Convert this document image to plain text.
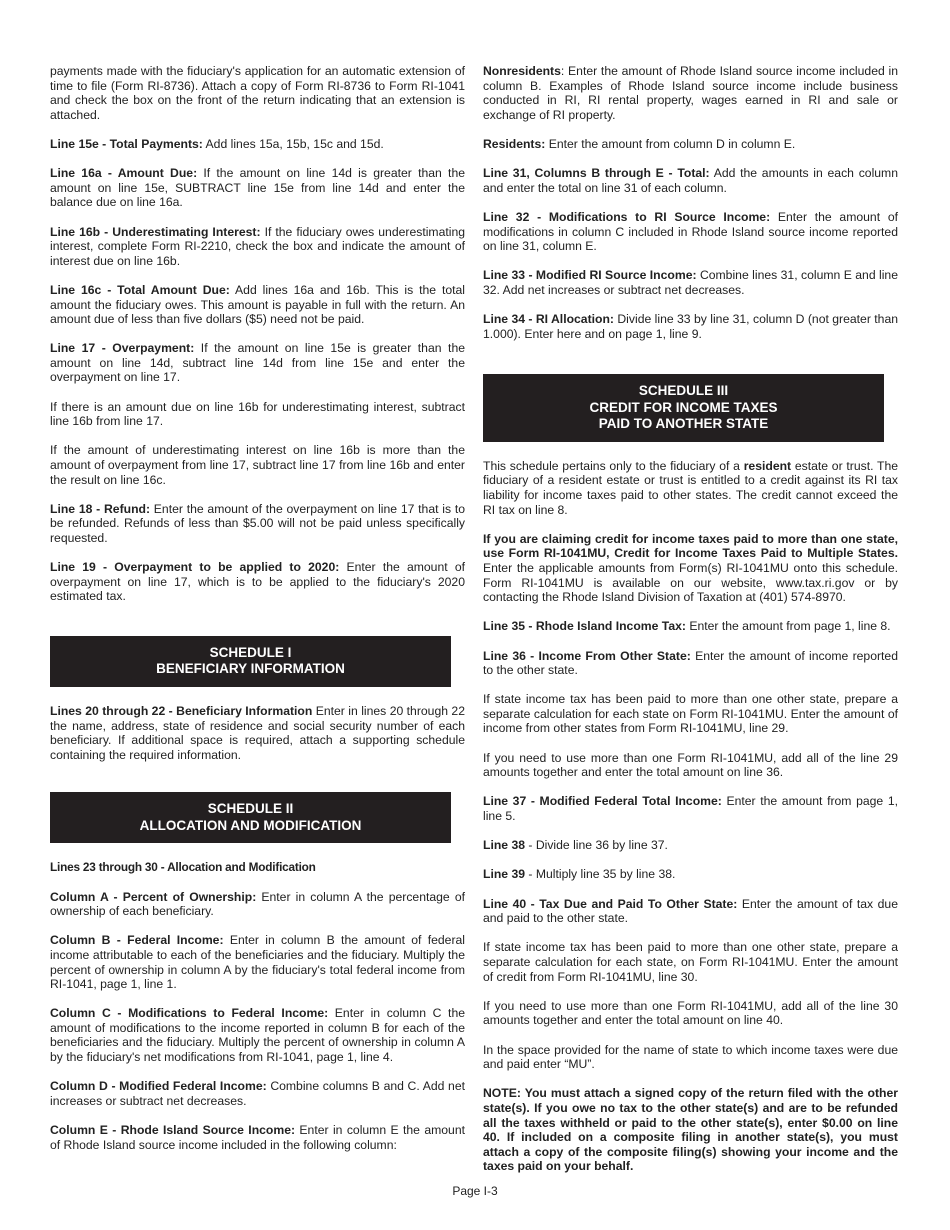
payments made with the fiduciary's application for an automatic extension of time to file (Form RI-8736). Attach a copy of Form RI-8736 to Form RI-1041 and check the box on the front of the return indicating that an extension is attached.

Line 15e - Total Payments: Add lines 15a, 15b, 15c and 15d.

Line 16a - Amount Due: If the amount on line 14d is greater than the amount on line 15e, SUBTRACT line 15e from line 14d and enter the balance due on line 16a.

Line 16b - Underestimating Interest: If the fiduciary owes underestimating interest, complete Form RI-2210, check the box and indicate the amount of interest due on line 16b.

Line 16c - Total Amount Due: Add lines 16a and 16b. This is the total amount the fiduciary owes. This amount is payable in full with the return. An amount due of less than five dollars ($5) need not be paid.

Line 17 - Overpayment: If the amount on line 15e is greater than the amount on line 14d, subtract line 14d from line 15e and enter the overpayment on line 17.

If there is an amount due on line 16b for underestimating interest, subtract line 16b from line 17.

If the amount of underestimating interest on line 16b is more than the amount of overpayment from line 17, subtract line 17 from line 16b and enter the result on line 16c.

Line 18 - Refund: Enter the amount of the overpayment on line 17 that is to be refunded. Refunds of less than $5.00 will not be paid unless specifically requested.

Line 19 - Overpayment to be applied to 2020: Enter the amount of overpayment on line 17, which is to be applied to the fiduciary's 2020 estimated tax.

SCHEDULE I
BENEFICIARY INFORMATION

Lines 20 through 22 - Beneficiary Information Enter in lines 20 through 22 the name, address, state of residence and social security number of each beneficiary. If additional space is required, attach a supporting schedule containing the required information.

SCHEDULE II
ALLOCATION AND MODIFICATION

Lines 23 through 30 - Allocation and Modification

Column A - Percent of Ownership: Enter in column A the percentage of ownership of each beneficiary.

Column B - Federal Income: Enter in column B the amount of federal income attributable to each of the beneficiaries and the fiduciary. Multiply the percent of ownership in column A by the fiduciary's total federal income from RI-1041, page 1, line 1.

Column C - Modifications to Federal Income: Enter in column C the amount of modifications to the income reported in column B for each of the beneficiaries and the fiduciary. Multiply the percent of ownership in column A by the fiduciary's net modifications from RI-1041, page 1, line 4.

Column D - Modified Federal Income: Combine columns B and C. Add net increases or subtract net decreases.

Column E - Rhode Island Source Income: Enter in column E the amount of Rhode Island source income included in the following column:

Nonresidents: Enter the amount of Rhode Island source income included in column B. Examples of Rhode Island source income include business conducted in RI, RI rental property, wages earned in RI and sale or exchange of RI property.

Residents: Enter the amount from column D in column E.

Line 31, Columns B through E - Total: Add the amounts in each column and enter the total on line 31 of each column.

Line 32 - Modifications to RI Source Income: Enter the amount of modifications in column C included in Rhode Island source income reported on line 31, column E.

Line 33 - Modified RI Source Income: Combine lines 31, column E and line 32. Add net increases or subtract net decreases.

Line 34 - RI Allocation: Divide line 33 by line 31, column D (not greater than 1.000). Enter here and on page 1, line 9.

SCHEDULE III
CREDIT FOR INCOME TAXES
PAID TO ANOTHER STATE

This schedule pertains only to the fiduciary of a resident estate or trust. The fiduciary of a resident estate or trust is entitled to a credit against its RI tax liability for income taxes paid to other states. The credit cannot exceed the RI tax on line 8.

If you are claiming credit for income taxes paid to more than one state, use Form RI-1041MU, Credit for Income Taxes Paid to Multiple States. Enter the applicable amounts from Form(s) RI-1041MU onto this schedule. Form RI-1041MU is available on our website, www.tax.ri.gov or by contacting the Rhode Island Division of Taxation at (401) 574-8970.

Line 35 - Rhode Island Income Tax: Enter the amount from page 1, line 8.

Line 36 - Income From Other State: Enter the amount of income reported to the other state.

If state income tax has been paid to more than one other state, prepare a separate calculation for each state on Form RI-1041MU. Enter the amount of income from other states from Form RI-1041MU, line 29.

If you need to use more than one Form RI-1041MU, add all of the line 29 amounts together and enter the total amount on line 36.

Line 37 - Modified Federal Total Income: Enter the amount from page 1, line 5.

Line 38 - Divide line 36 by line 37.

Line 39 - Multiply line 35 by line 38.

Line 40 - Tax Due and Paid To Other State: Enter the amount of tax due and paid to the other state.

If state income tax has been paid to more than one other state, prepare a separate calculation for each state, on Form RI-1041MU. Enter the amount of credit from Form RI-1041MU, line 30.

If you need to use more than one Form RI-1041MU, add all of the line 30 amounts together and enter the total amount on line 40.

In the space provided for the name of state to which income taxes were due and paid enter “MU”.

NOTE: You must attach a signed copy of the return filed with the other state(s). If you owe no tax to the other state(s) and are to be refunded all the taxes withheld or paid to the other state(s), enter $0.00 on line 40. If included on a composite filing in another state(s), you must attach a copy of the composite filing(s) showing your income and the taxes paid on your behalf.

Page I-3
